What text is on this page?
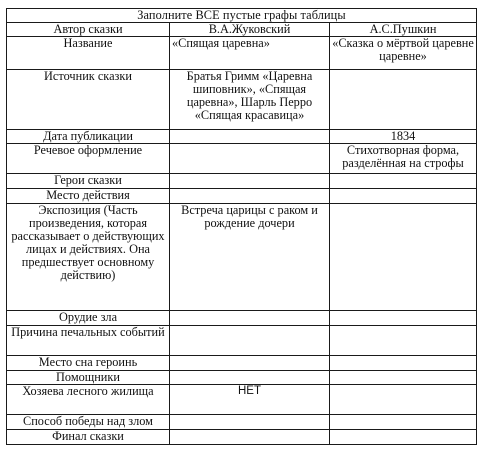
Заполните ВСЕ пустые графы таблицы		
Автор сказки	В.А.Жуковский	А.С.Пушкин
Название	«Спящая царевна»	«Сказка о мёртвой царевне царевне»
Источник сказки	Братья Гримм «Царевна шиповник», «Спящая царевна», Шарль Перро «Спящая красавица»	
Дата публикации		1834
Речевое оформление		Стихотворная форма, разделённая на строфы
Герои сказки		
Место действия		
Экспозиция (Часть произведения, которая рассказывает о действующих лицах и действиях. Она предшествует основному действию)	Встреча царицы с раком и рождение дочери	
Орудие зла		
Причина печальных событий		
Место сна героинь		
Помощники		
Хозяева лесного жилища	НЕТ	
Способ победы над злом		
Финал сказки		
